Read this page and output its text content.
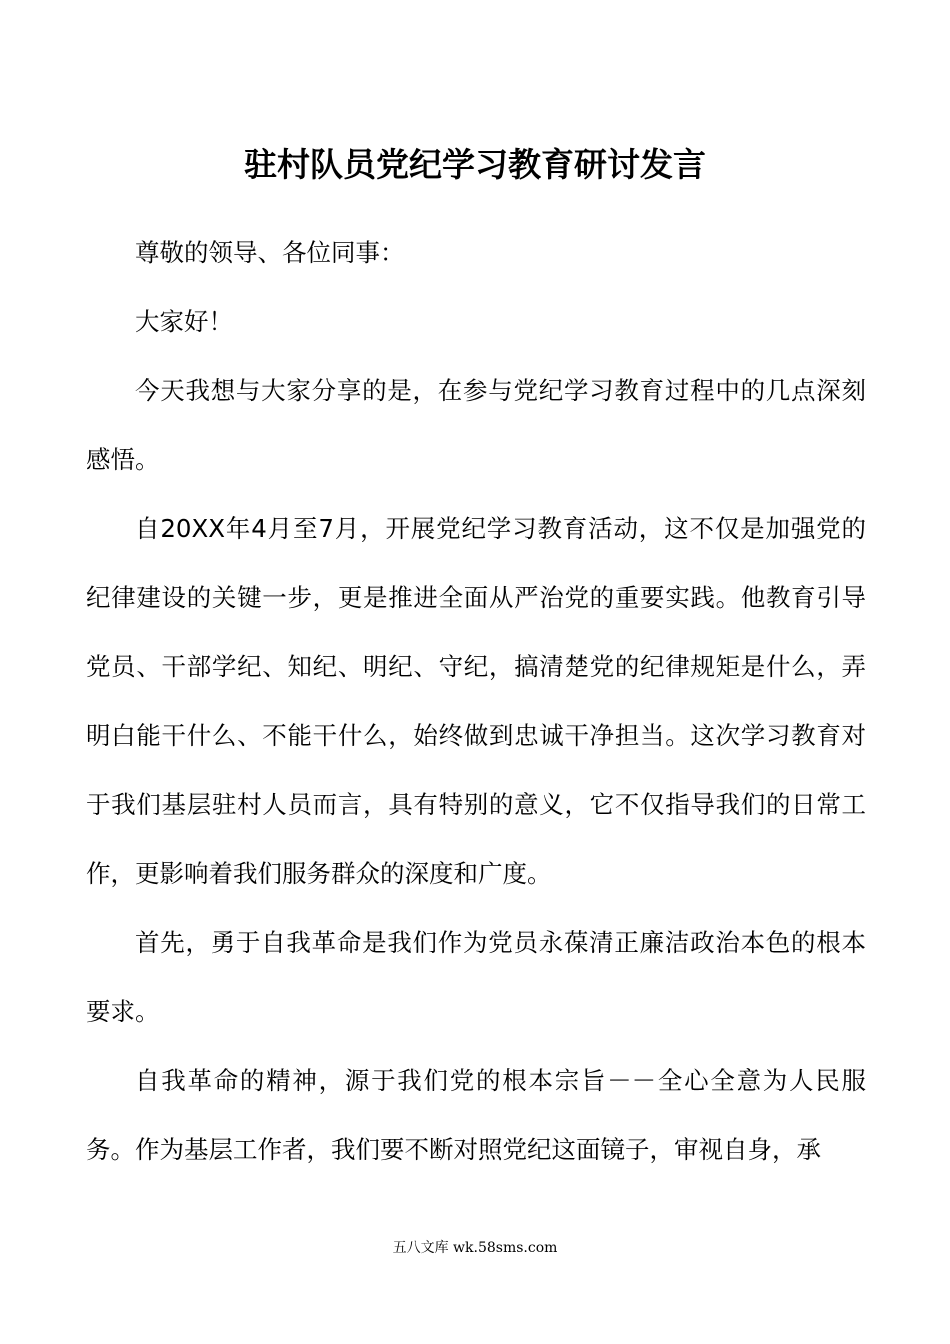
驻村队员党纪学习教育研讨发言

尊敬的领导、各位同事：

大家好！

今天我想与大家分享的是，在参与党纪学习教育过程中的几点深刻感悟。

自20XX年4月至7月，开展党纪学习教育活动，这不仅是加强党的纪律建设的关键一步，更是推进全面从严治党的重要实践。他教育引导党员、干部学纪、知纪、明纪、守纪，搞清楚党的纪律规矩是什么，弄明白能干什么、不能干什么，始终做到忠诚干净担当。这次学习教育对于我们基层驻村人员而言，具有特别的意义，它不仅指导我们的日常工作，更影响着我们服务群众的深度和广度。

首先，勇于自我革命是我们作为党员永葆清正廉洁政治本色的根本要求。

自我革命的精神，源于我们党的根本宗旨－－全心全意为人民服务。作为基层工作者，我们要不断对照党纪这面镜子，审视自身，承

五八文库 wk.58sms.com
